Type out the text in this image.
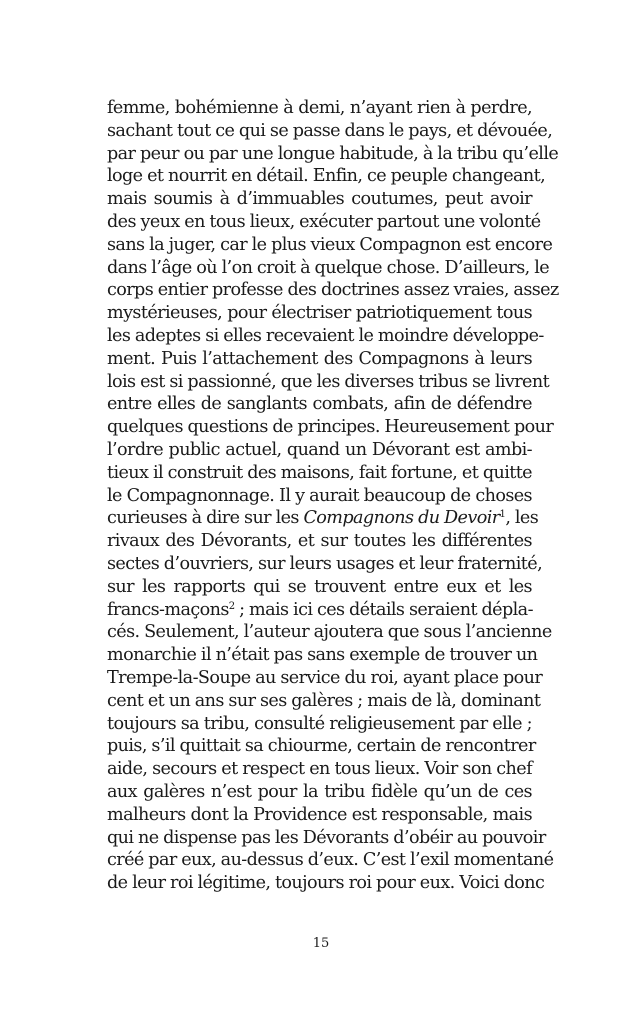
femme, bohémienne à demi, n’ayant rien à perdre,
sachant tout ce qui se passe dans le pays, et dévouée,
par peur ou par une longue habitude, à la tribu qu’elle
loge et nourrit en détail. Enfin, ce peuple changeant,
mais soumis à d’immuables coutumes, peut avoir
des yeux en tous lieux, exécuter partout une volonté
sans la juger, car le plus vieux Compagnon est encore
dans l’âge où l’on croit à quelque chose. D’ailleurs, le
corps entier professe des doctrines assez vraies, assez
mystérieuses, pour électriser patriotiquement tous
les adeptes si elles recevaient le moindre développe-
ment. Puis l’attachement des Compagnons à leurs
lois est si passionné, que les diverses tribus se livrent
entre elles de sanglants combats, afin de défendre
quelques questions de principes. Heureusement pour
l’ordre public actuel, quand un Dévorant est ambi-
tieux il construit des maisons, fait fortune, et quitte
le Compagnonnage. Il y aurait beaucoup de choses
curieuses à dire sur les Compagnons du Devoir$^1$, les
rivaux des Dévorants, et sur toutes les différentes
sectes d’ouvriers, sur leurs usages et leur fraternité,
sur les rapports qui se trouvent entre eux et les
francs-maçons$^2$ ; mais ici ces détails seraient dépla-
cés. Seulement, l’auteur ajoutera que sous l’ancienne
monarchie il n’était pas sans exemple de trouver un
Trempe-la-Soupe au service du roi, ayant place pour
cent et un ans sur ses galères ; mais de là, dominant
toujours sa tribu, consulté religieusement par elle ;
puis, s’il quittait sa chiourme, certain de rencontrer
aide, secours et respect en tous lieux. Voir son chef
aux galères n’est pour la tribu fidèle qu’un de ces
malheurs dont la Providence est responsable, mais
qui ne dispense pas les Dévorants d’obéir au pouvoir
créé par eux, au-dessus d’eux. C’est l’exil momentané
de leur roi légitime, toujours roi pour eux. Voici donc
15
